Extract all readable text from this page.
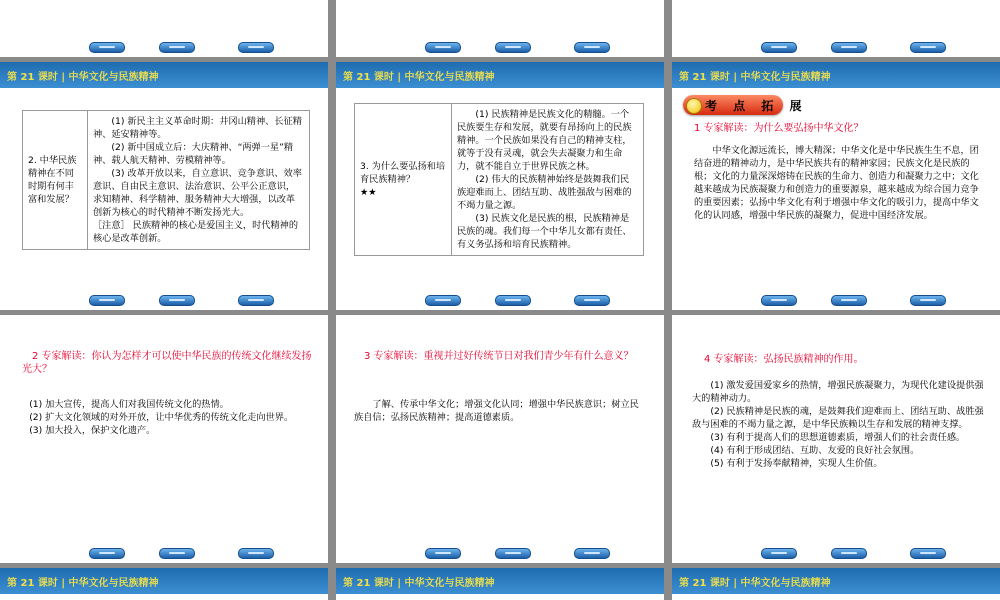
第 21 课时 | 中华文化与民族精神
2. 中华民族精神在不同时期有何丰富和发展？	

(1) 新民主主义革命时期：井冈山精神、长征精神、延安精神等。

(2) 新中国成立后：大庆精神、“两弹一星”精神、载人航天精神、劳模精神等。

(3) 改革开放以来，自立意识、竞争意识、效率意识、自由民主意识、法治意识、公平公正意识，求知精神、科学精神、服务精神大大增强，以改革创新为核心的时代精神不断发扬光大。

［注意］ 民族精神的核心是爱国主义，时代精神的核心是改革创新。

第 21 课时 | 中华文化与民族精神
3. 为什么要弘扬和培育民族精神？
★★

(1) 民族精神是民族文化的精髓。一个民族要生存和发展，就要有昂扬向上的民族精神。一个民族如果没有自己的精神支柱，就等于没有灵魂，就会失去凝聚力和生命力，就不能自立于世界民族之林。

(2) 伟大的民族精神始终是鼓舞我们民族迎难而上、团结互助、战胜强敌与困难的不竭力量之源。

(3) 民族文化是民族的根，民族精神是民族的魂。我们每一个中华儿女都有责任、有义务弘扬和培育民族精神。

第 21 课时 | 中华文化与民族精神
考 点 拓 展
1 专家解读：为什么要弘扬中华文化？

中华文化源远流长，博大精深；中华文化是中华民族生生不息，团结奋进的精神动力，是中华民族共有的精神家园；民族文化是民族的根；文化的力量深深熔铸在民族的生命力、创造力和凝聚力之中；文化越来越成为民族凝聚力和创造力的重要源泉，越来越成为综合国力竞争的重要因素；弘扬中华文化有利于增强中华文化的吸引力，提高中华文化的认同感，增强中华民族的凝聚力，促进中国经济发展。

2 专家解读：你认为怎样才可以使中华民族的传统文化继续发扬光大？

(1) 加大宣传，提高人们对我国传统文化的热情。

(2) 扩大文化领域的对外开放，让中华优秀的传统文化走向世界。

(3) 加大投入，保护文化遗产。

3 专家解读：重视并过好传统节日对我们青少年有什么意义？

了解、传承中华文化；增强文化认同；增强中华民族意识；树立民族自信；弘扬民族精神；提高道德素质。

4 专家解读：弘扬民族精神的作用。

(1) 激发爱国爱家乡的热情，增强民族凝聚力，为现代化建设提供强大的精神动力。

(2) 民族精神是民族的魂，是鼓舞我们迎难而上、团结互助、战胜强敌与困难的不竭力量之源，是中华民族赖以生存和发展的精神支撑。

(3) 有利于提高人们的思想道德素质，增强人们的社会责任感。

(4) 有利于形成团结、互助、友爱的良好社会氛围。

(5) 有利于发扬奉献精神，实现人生价值。

第 21 课时 | 中华文化与民族精神	第 21 课时 | 中华文化与民族精神	第 21 课时 | 中华文化与民族精神
